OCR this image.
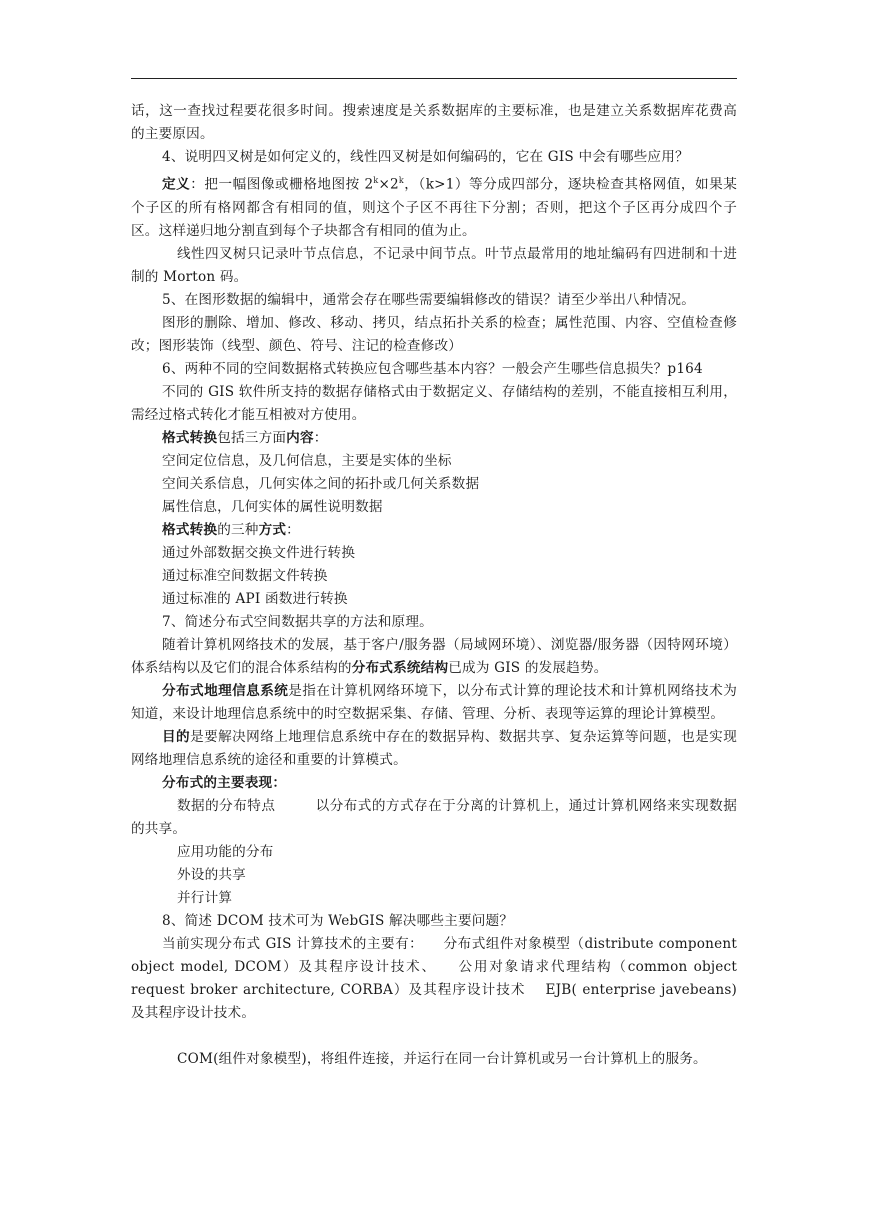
话，这一查找过程要花很多时间。搜索速度是关系数据库的主要标准，也是建立关系数据库花费高的主要原因。

4、说明四叉树是如何定义的，线性四叉树是如何编码的，它在 GIS 中会有哪些应用？

定义：把一幅图像或栅格地图按 $2^k\times 2^k$，（k>1）等分成四部分，逐块检查其格网值，如果某个子区的所有格网都含有相同的值，则这个子区不再往下分割；否则，把这个子区再分成四个子区。这样递归地分割直到每个子块都含有相同的值为止。

线性四叉树只记录叶节点信息，不记录中间节点。叶节点最常用的地址编码有四进制和十进制的 Morton 码。

5、在图形数据的编辑中，通常会存在哪些需要编辑修改的错误？请至少举出八种情况。

图形的删除、增加、修改、移动、拷贝，结点拓扑关系的检查；属性范围、内容、空值检查修改；图形装饰（线型、颜色、符号、注记的检查修改）

6、两种不同的空间数据格式转换应包含哪些基本内容？一般会产生哪些信息损失？p164

不同的 GIS 软件所支持的数据存储格式由于数据定义、存储结构的差别，不能直接相互利用，需经过格式转化才能互相被对方使用。

格式转换包括三方面内容：

空间定位信息，及几何信息，主要是实体的坐标

空间关系信息，几何实体之间的拓扑或几何关系数据

属性信息，几何实体的属性说明数据

格式转换的三种方式：

通过外部数据交换文件进行转换

通过标准空间数据文件转换

通过标准的 API 函数进行转换

7、简述分布式空间数据共享的方法和原理。

随着计算机网络技术的发展，基于客户/服务器（局域网环境）、浏览器/服务器（因特网环境）体系结构以及它们的混合体系结构的分布式系统结构已成为 GIS 的发展趋势。

分布式地理信息系统是指在计算机网络环境下，以分布式计算的理论技术和计算机网络技术为知道，来设计地理信息系统中的时空数据采集、存储、管理、分析、表现等运算的理论计算模型。

目的是要解决网络上地理信息系统中存在的数据异构、数据共享、复杂运算等问题，也是实现网络地理信息系统的途径和重要的计算模式。

分布式的主要表现：

数据的分布特点	以分布式的方式存在于分离的计算机上，通过计算机网络来实现数据的共享。

应用功能的分布

外设的共享

并行计算

8、简述 DCOM 技术可为 WebGIS 解决哪些主要问题？

当前实现分布式 GIS 计算技术的主要有： 分布式组件对象模型（distribute component object model, DCOM）及其程序设计技术、 公用对象请求代理结构（common object request broker architecture, CORBA）及其程序设计技术 EJB( enterprise javebeans)及其程序设计技术。

COM(组件对象模型)，将组件连接，并运行在同一台计算机或另一台计算机上的服务。
